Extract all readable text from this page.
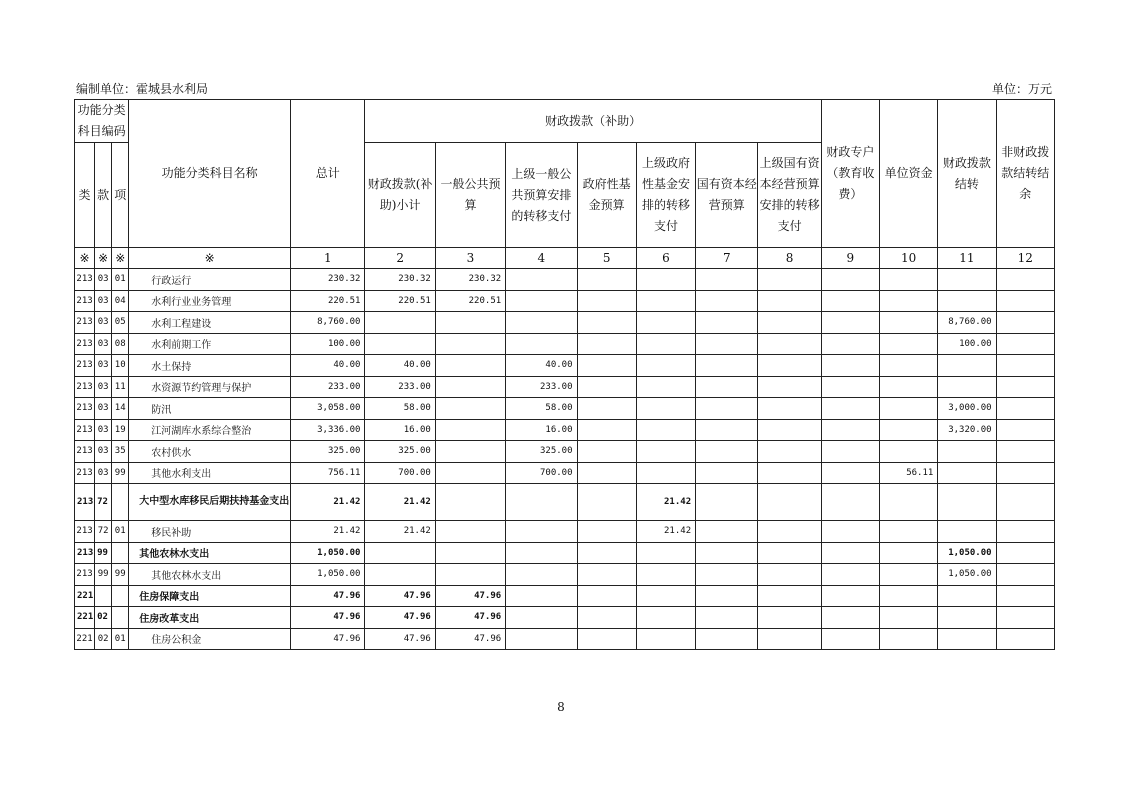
编制单位：霍城县水利局	单位：万元
功能分类科目编码			功能分类科目名称	总计	财政拨款（补助）							财政专户（教育收费）	单位资金	财政拨款结转	非财政拨款结转结余
类	款	项			财政拨款(补助)小计	一般公共预算	上级一般公共预算安排的转移支付	政府性基金预算	上级政府性基金安排的转移支付	国有资本经营预算	上级国有资本经营预算安排的转移支付				
※	※	※	※	1	2	3	4	5	6	7	8	9	10	11	12
213	03	01	行政运行	230.32	230.32	230.32									
213	03	04	水利行业业务管理	220.51	220.51	220.51									
213	03	05	水利工程建设	8,760.00										8,760.00	
213	03	08	水利前期工作	100.00										100.00	
213	03	10	水土保持	40.00	40.00		40.00								
213	03	11	水资源节约管理与保护	233.00	233.00		233.00								
213	03	14	防汛	3,058.00	58.00		58.00							3,000.00	
213	03	19	江河湖库水系综合整治	3,336.00	16.00		16.00							3,320.00	
213	03	35	农村供水	325.00	325.00		325.00								
213	03	99	其他水利支出	756.11	700.00		700.00						56.11		
213	72		大中型水库移民后期扶持基金支出	21.42	21.42				21.42						
213	72	01	移民补助	21.42	21.42				21.42						
213	99		其他农林水支出	1,050.00										1,050.00	
213	99	99	其他农林水支出	1,050.00										1,050.00	
221			住房保障支出	47.96	47.96	47.96									
221	02		住房改革支出	47.96	47.96	47.96									
221	02	01	住房公积金	47.96	47.96	47.96									
8
